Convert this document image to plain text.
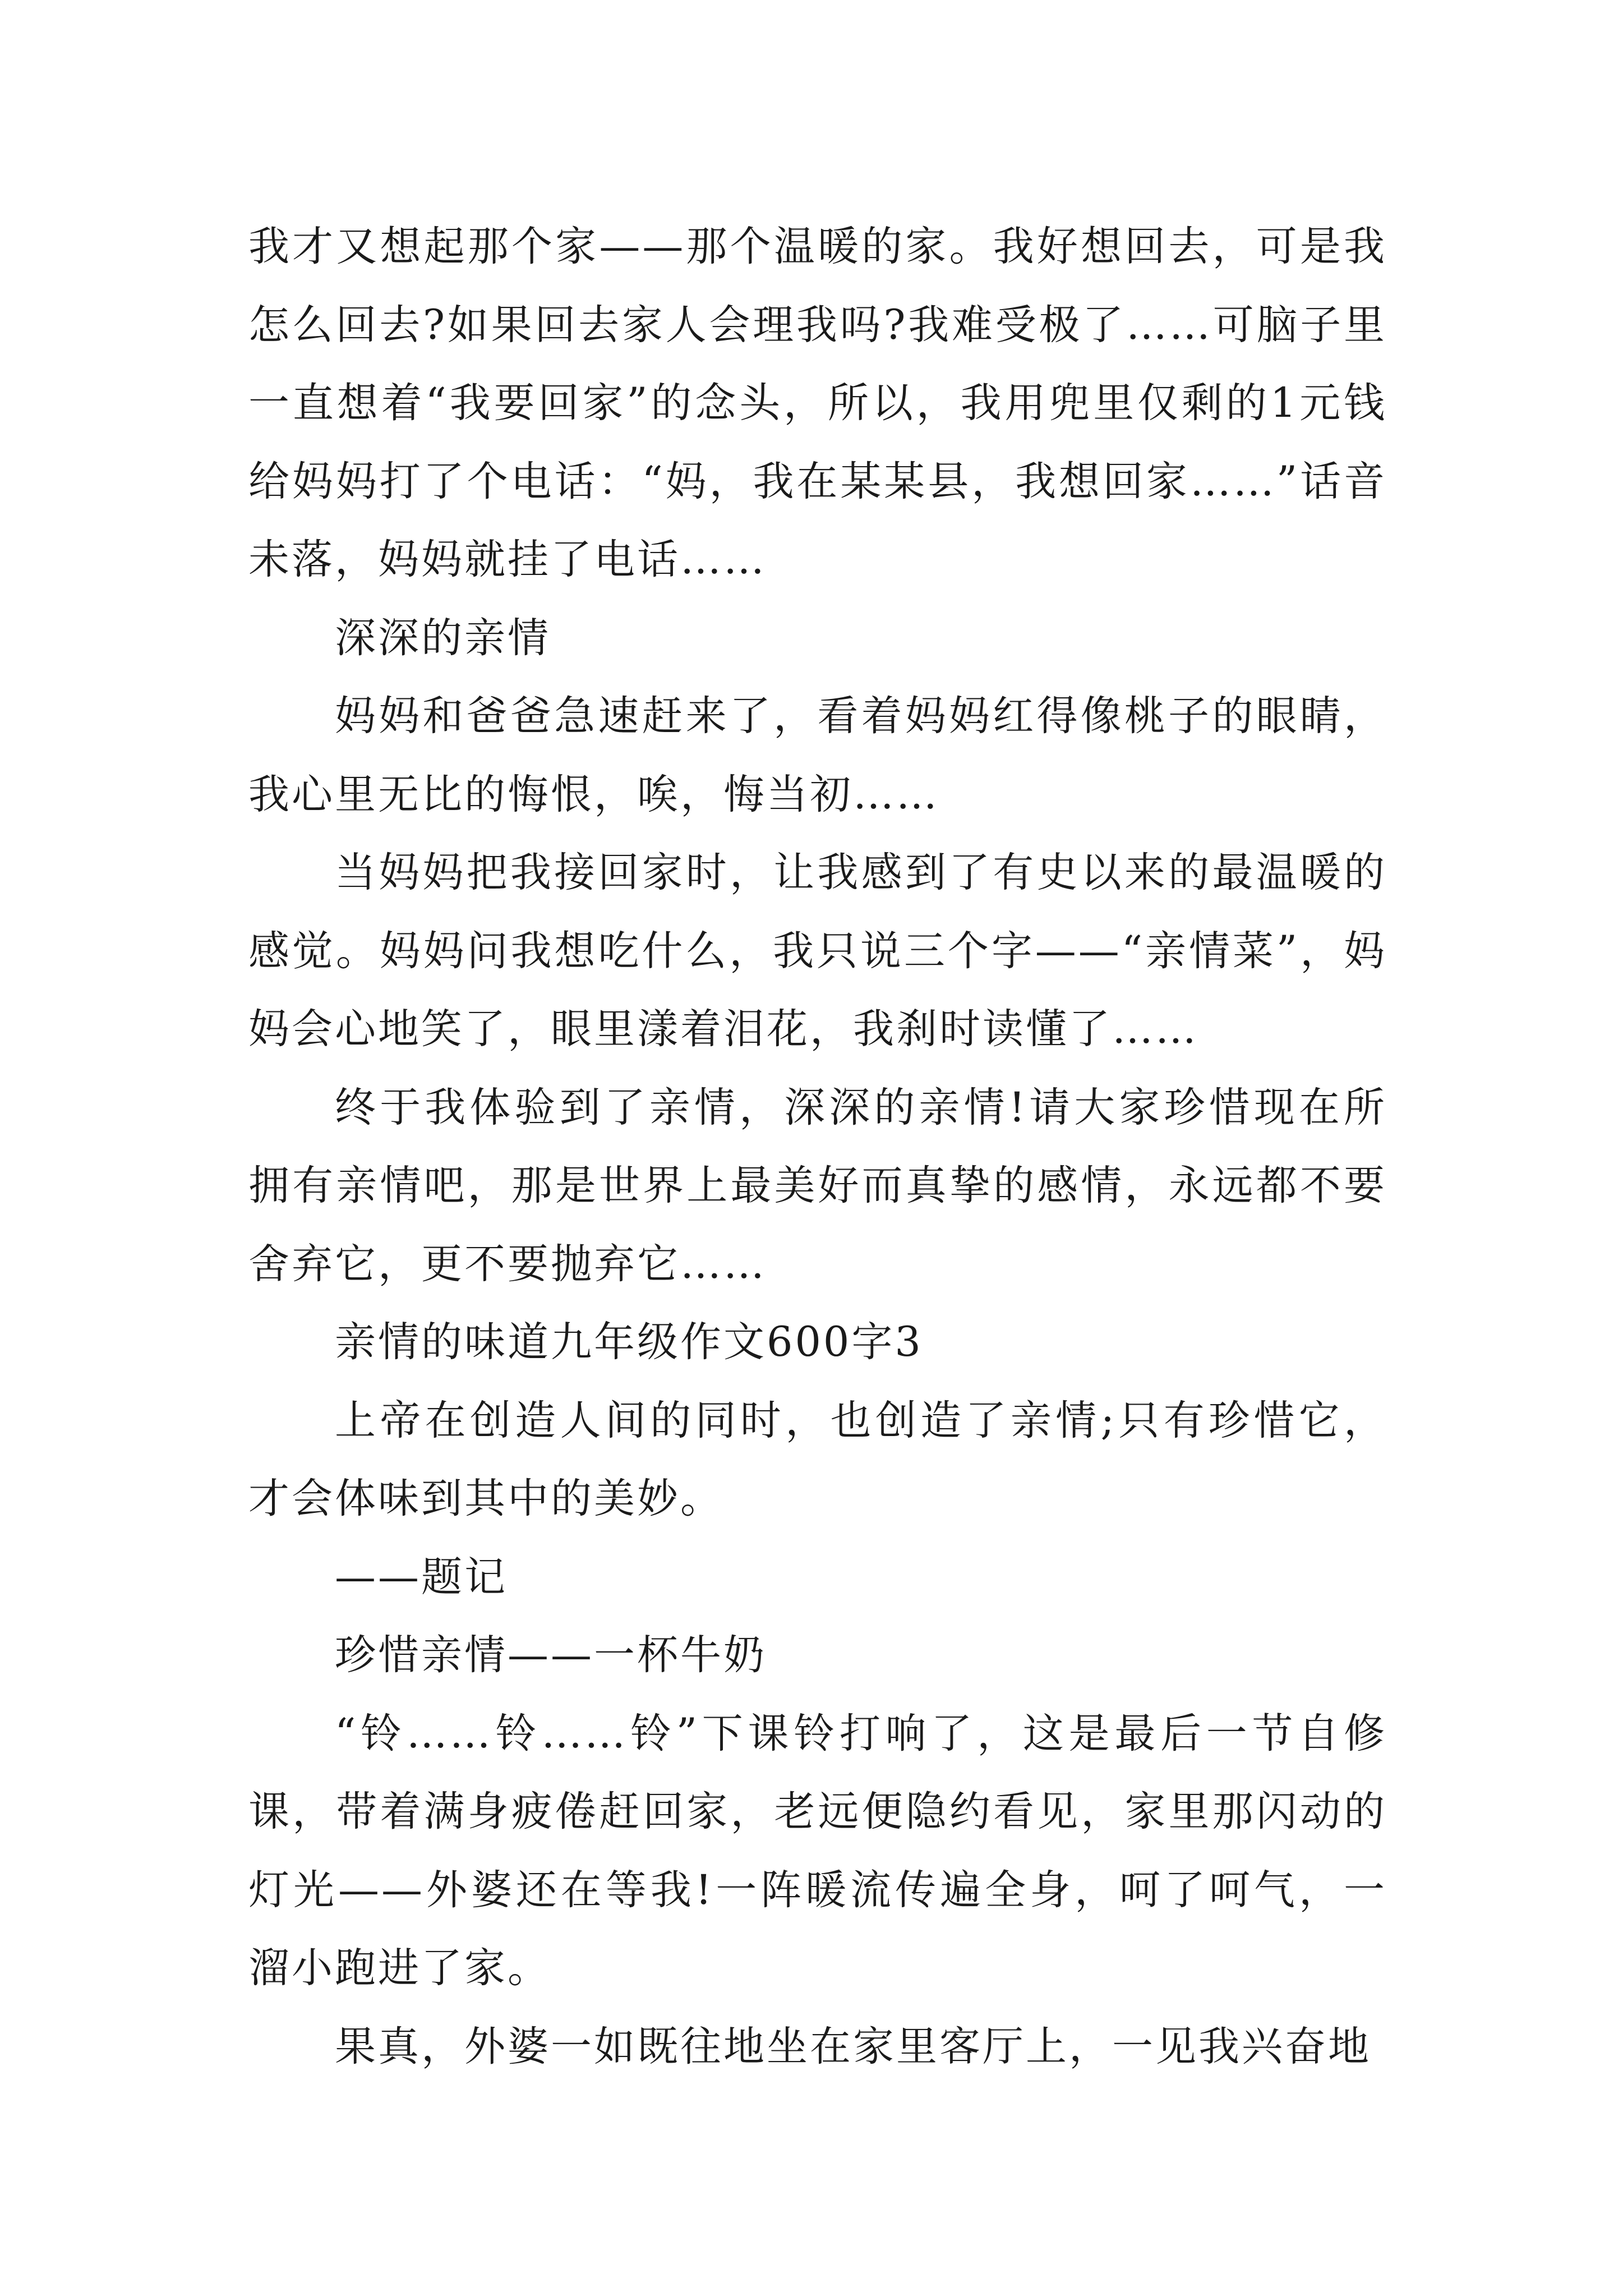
我才又想起那个家——那个温暖的家。我好想回去，可是我怎么回去?如果回去家人会理我吗?我难受极了……可脑子里一直想着“我要回家”的念头，所以，我用兜里仅剩的1元钱给妈妈打了个电话：“妈，我在某某县，我想回家……”话音未落，妈妈就挂了电话……

深深的亲情

妈妈和爸爸急速赶来了，看着妈妈红得像桃子的眼睛，我心里无比的悔恨，唉，悔当初……

当妈妈把我接回家时，让我感到了有史以来的最温暖的感觉。妈妈问我想吃什么，我只说三个字——“亲情菜”，妈妈会心地笑了，眼里漾着泪花，我刹时读懂了……

终于我体验到了亲情，深深的亲情!请大家珍惜现在所拥有亲情吧，那是世界上最美好而真挚的感情，永远都不要舍弃它，更不要抛弃它……

亲情的味道九年级作文600字3

上帝在创造人间的同时，也创造了亲情;只有珍惜它，才会体味到其中的美妙。

——题记

珍惜亲情——一杯牛奶

“铃……铃……铃”下课铃打响了，这是最后一节自修课，带着满身疲倦赶回家，老远便隐约看见，家里那闪动的灯光——外婆还在等我!一阵暖流传遍全身，呵了呵气，一溜小跑进了家。

果真，外婆一如既往地坐在家里客厅上，一见我兴奋地
